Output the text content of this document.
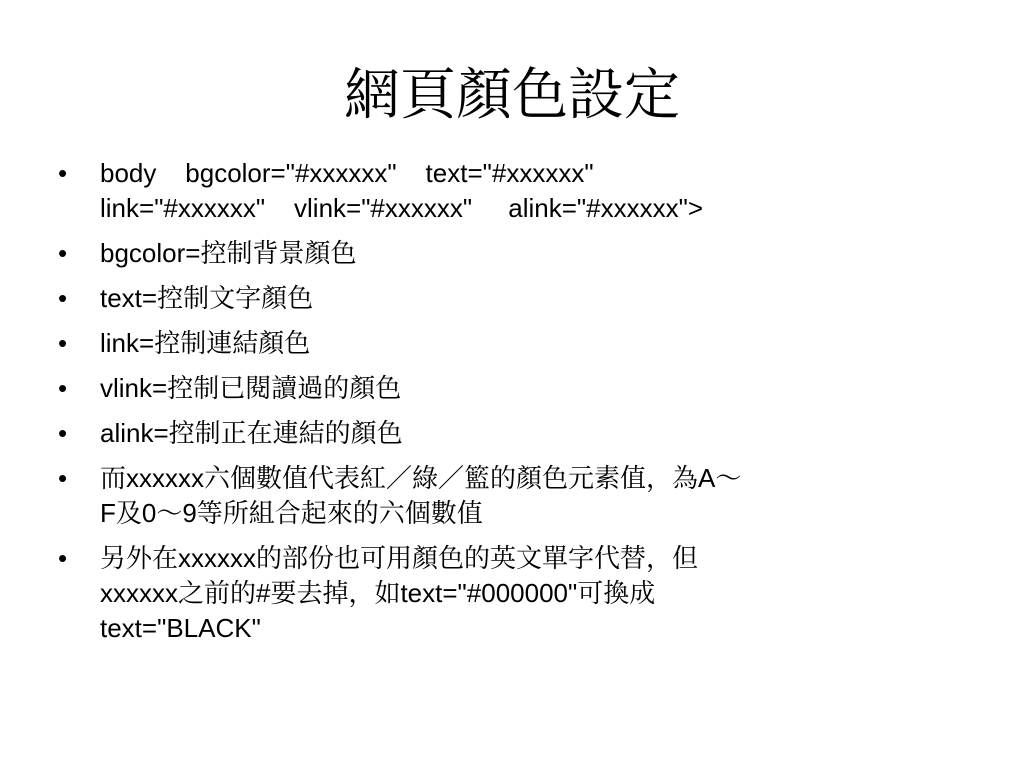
網頁顏色設定
• body    bgcolor="#xxxxxx"    text="#xxxxxx"
link="#xxxxxx"    vlink="#xxxxxx"     alink="#xxxxxx">
• bgcolor=控制背景顏色
• text=控制文字顏色
• link=控制連結顏色
• vlink=控制已閱讀過的顏色
• alink=控制正在連結的顏色
• 而xxxxxx六個數值代表紅／綠／籃的顏色元素值，為A～
F及0～9等所組合起來的六個數值
• 另外在xxxxxx的部份也可用顏色的英文單字代替，但
xxxxxx之前的#要去掉，如text="#000000"可換成
text="BLACK"
